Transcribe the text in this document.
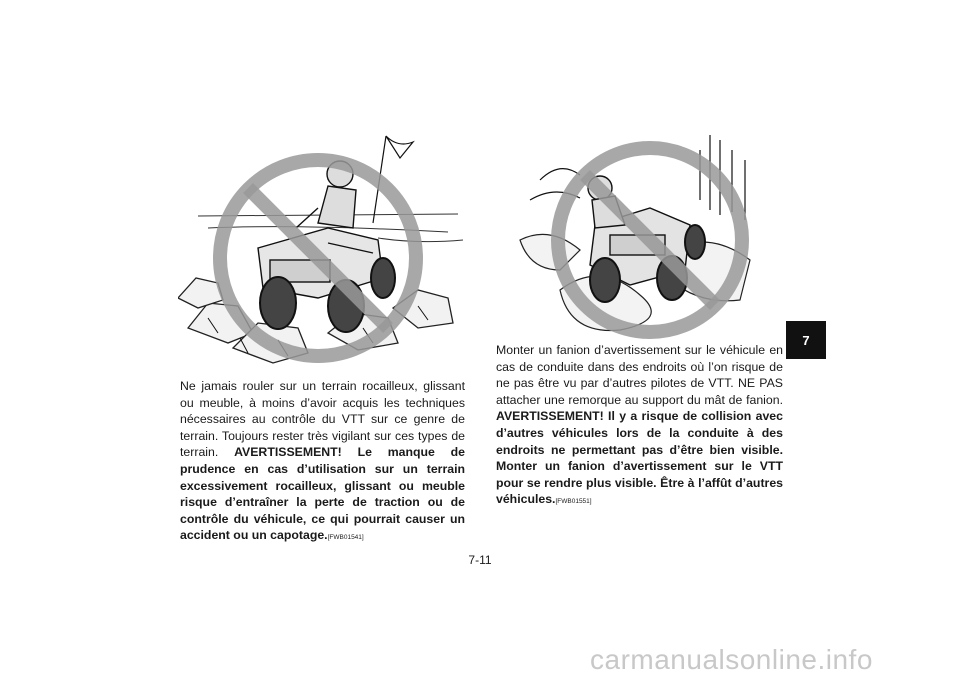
Ne jamais rouler sur un terrain rocailleux, glissant ou meuble, à moins d’avoir acquis les techniques nécessaires au contrôle du VTT sur ce genre de terrain. Toujours rester très vigilant sur ces types de terrain. AVERTISSEMENT! Le manque de prudence en cas d’utilisation sur un terrain excessivement rocailleux, glissant ou meuble risque d’entraîner la perte de traction ou de contrôle du véhicule, ce qui pourrait causer un accident ou un capotage.[FWB01541]
Monter un fanion d’avertissement sur le véhicule en cas de conduite dans des endroits où l’on risque de ne pas être vu par d’autres pilotes de VTT. NE PAS attacher une remorque au support du mât de fanion. AVERTISSEMENT! Il y a risque de collision avec d’autres véhicules lors de la conduite à des endroits ne permettant pas d’être bien visible. Monter un fanion d’avertissement sur le VTT pour se rendre plus visible. Être à l’affût d’autres véhicules.[FWB01551]
7
7-11
carmanualsonline.info
